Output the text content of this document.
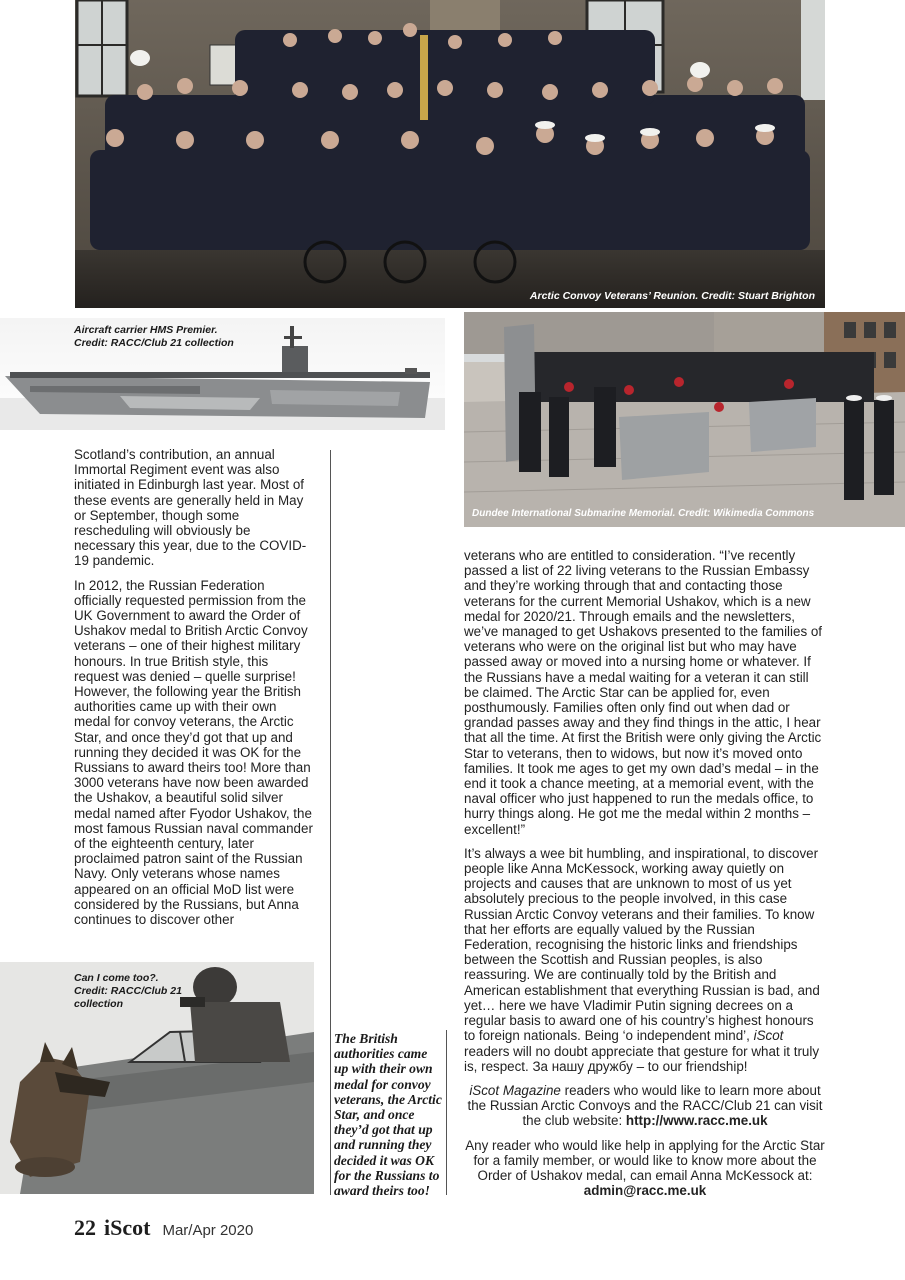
Arctic Convoy Veterans’ Reunion. Credit: Stuart Brighton
Aircraft carrier HMS Premier.
Credit: RACC/Club 21 collection
Dundee International Submarine Memorial. Credit: Wikimedia Commons

Scotland’s contribution, an annual Immortal Regiment event was also initiated in Edinburgh last year. Most of these events are generally held in May or September, though some rescheduling will obviously be necessary this year, due to the COVID-19 pandemic.

In 2012, the Russian Federation officially requested permission from the UK Government to award the Order of Ushakov medal to British Arctic Convoy veterans – one of their highest military honours. In true British style, this request was denied – quelle surprise! However, the following year the British authorities came up with their own medal for convoy veterans, the Arctic Star, and once they’d got that up and running they decided it was OK for the Russians to award theirs too! More than 3000 veterans have now been awarded the Ushakov, a beautiful solid silver medal named after Fyodor Ushakov, the most famous Russian naval commander of the eighteenth century, later proclaimed patron saint of the Russian Navy. Only veterans whose names appeared on an official MoD list were considered by the Russians, but Anna continues to discover other

Can I come too?.
Credit: RACC/Club 21
collection
The British authorities came up with their own medal for convoy veterans, the Arctic Star, and once they’d got that up and running they decided it was OK for the Russians to award theirs too!

veterans who are entitled to consideration. “I’ve recently passed a list of 22 living veterans to the Russian Embassy and they’re working through that and contacting those veterans for the current Memorial Ushakov, which is a new medal for 2020/21. Through emails and the newsletters, we’ve managed to get Ushakovs presented to the families of veterans who were on the original list but who may have passed away or moved into a nursing home or whatever. If the Russians have a medal waiting for a veteran it can still be claimed. The Arctic Star can be applied for, even posthumously. Families often only find out when dad or grandad passes away and they find things in the attic, I hear that all the time. At first the British were only giving the Arctic Star to veterans, then to widows, but now it’s moved onto families. It took me ages to get my own dad’s medal – in the end it took a chance meeting, at a memorial event, with the naval officer who just happened to run the medals office, to hurry things along. He got me the medal within 2 months – excellent!”

It’s always a wee bit humbling, and inspirational, to discover people like Anna McKessock, working away quietly on projects and causes that are unknown to most of us yet absolutely precious to the people involved, in this case Russian Arctic Convoy veterans and their families. To know that her efforts are equally valued by the Russian Federation, recognising the historic links and friendships between the Scottish and Russian peoples, is also reassuring. We are continually told by the British and American establishment that everything Russian is bad, and yet… here we have Vladimir Putin signing decrees on a regular basis to award one of his country’s highest honours to foreign nationals. Being ‘o independent mind’, iScot readers will no doubt appreciate that gesture for what it truly is, respect. За нашу дружбу – to our friendship!

iScot Magazine readers who would like to learn more about the Russian Arctic Convoys and the RACC/Club 21 can visit the club website: http://www.racc.me.uk

Any reader who would like help in applying for the Arctic Star for a family member, or would like to know more about the Order of Ushakov medal, can email Anna McKessock at: admin@racc.me.uk

22 iScot Mar/Apr 2020
